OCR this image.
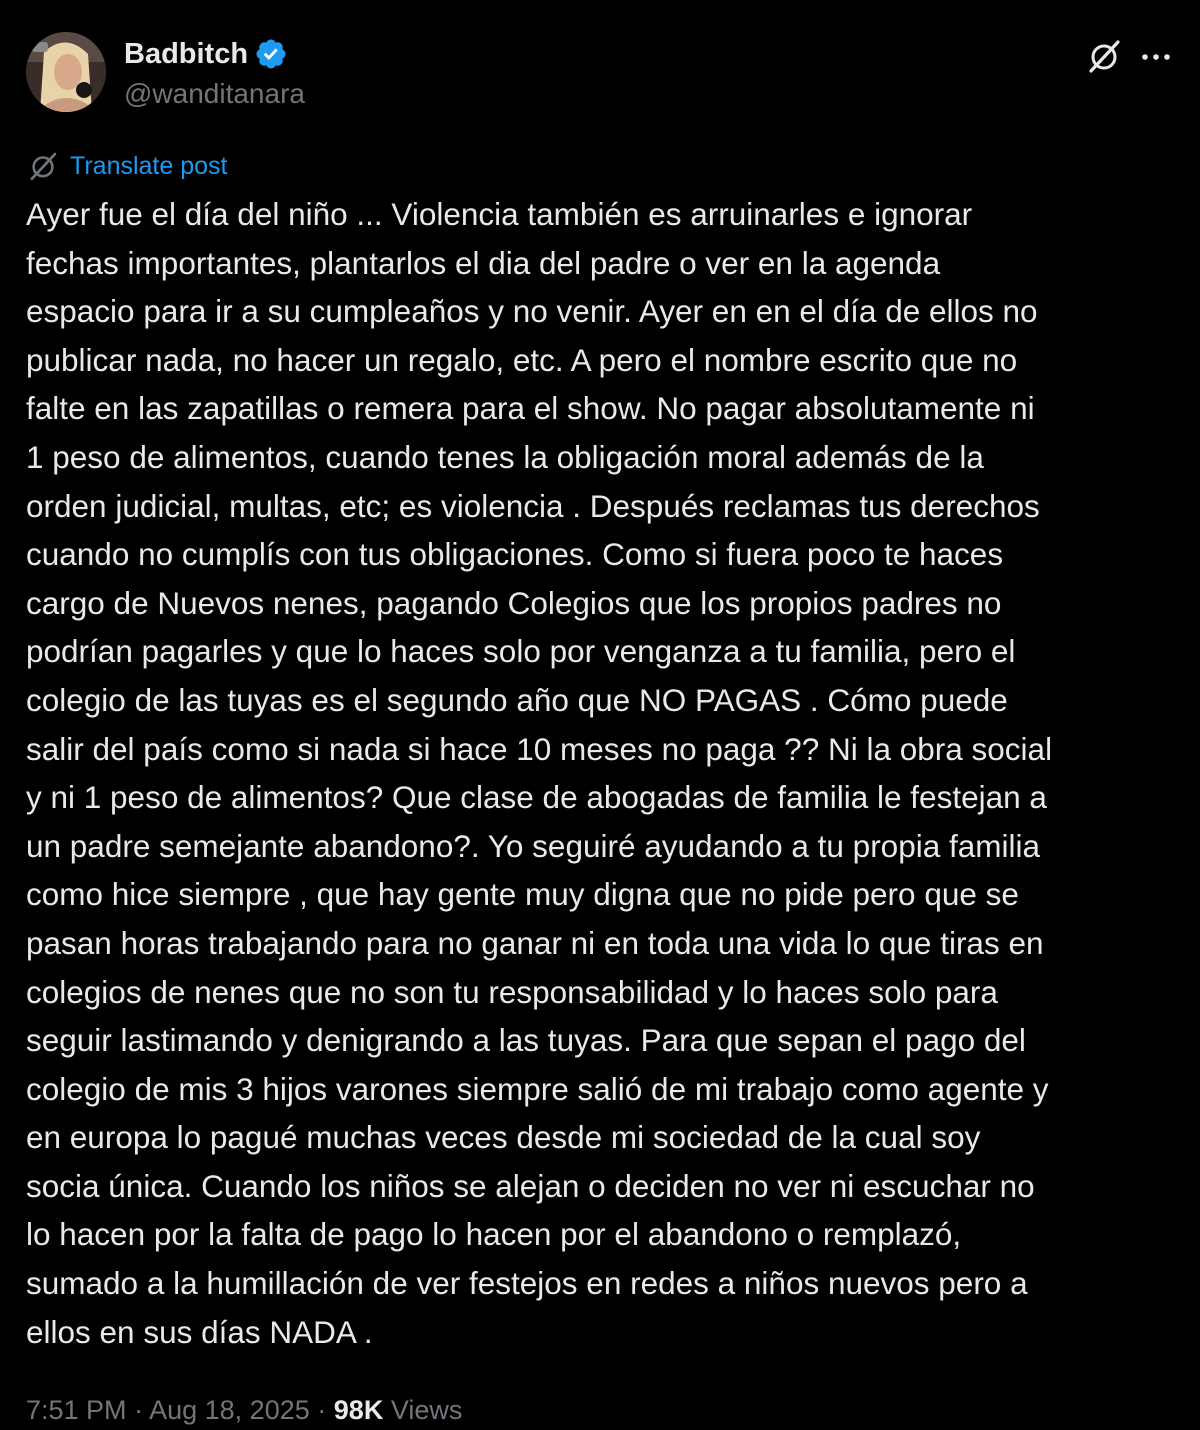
Badbitch
@wanditanara
Translate post
Ayer fue el día del niño ... Violencia también es arruinarles e ignorar
fechas importantes, plantarlos el dia del padre o ver en la agenda
espacio para ir a su cumpleaños y no venir. Ayer en en el día de ellos no
publicar nada, no hacer un regalo, etc. A pero el nombre escrito que no
falte en las zapatillas o remera para el show. No pagar absolutamente ni
1 peso de alimentos, cuando tenes la obligación moral además de la
orden judicial, multas, etc; es violencia . Después reclamas tus derechos
cuando no cumplís con tus obligaciones. Como si fuera poco te haces
cargo de Nuevos nenes, pagando Colegios que los propios padres no
podrían pagarles y que lo haces solo por venganza a tu familia, pero el
colegio de las tuyas es el segundo año que NO PAGAS . Cómo puede
salir del país como si nada si hace 10 meses no paga ?? Ni la obra social
y ni 1 peso de alimentos? Que clase de abogadas de familia le festejan a
un padre semejante abandono?. Yo seguiré ayudando a tu propia familia
como hice siempre , que hay gente muy digna que no pide pero que se
pasan horas trabajando para no ganar ni en toda una vida lo que tiras en
colegios de nenes que no son tu responsabilidad y lo haces solo para
seguir lastimando y denigrando a las tuyas. Para que sepan el pago del
colegio de mis 3 hijos varones siempre salió de mi trabajo como agente y
en europa lo pagué muchas veces desde mi sociedad de la cual soy
socia única. Cuando los niños se alejan o deciden no ver ni escuchar no
lo hacen por la falta de pago lo hacen por el abandono o remplazó,
sumado a la humillación de ver festejos en redes a niños nuevos pero a
ellos en sus días NADA .
7:51 PM · Aug 18, 2025 · 98K Views
